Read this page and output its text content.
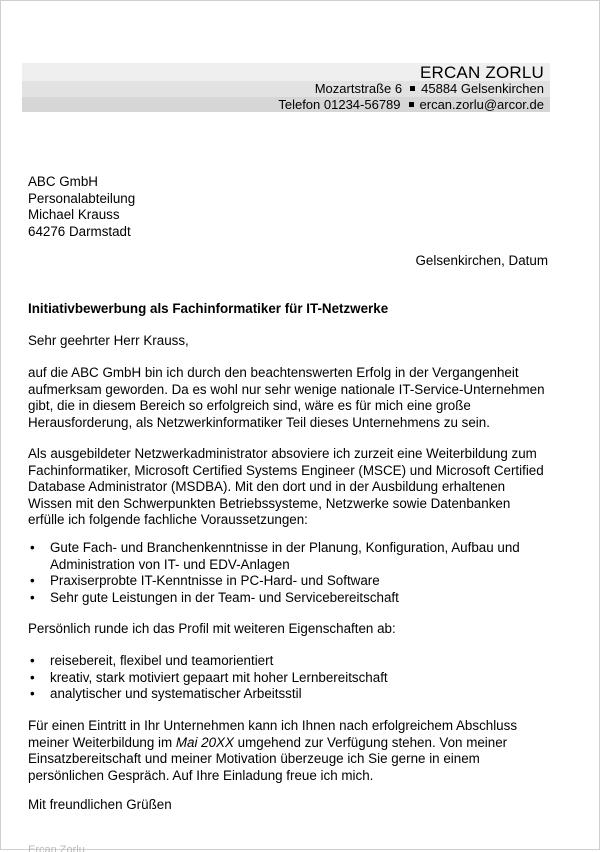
ERCAN ZORLU
Mozartstraße 6 45884 Gelsenkirchen
Telefon 01234-56789 ercan.zorlu@arcor.de
ABC GmbH
Personalabteilung
Michael Krauss
64276 Darmstadt
Gelsenkirchen, Datum
Initiativbewerbung als Fachinformatiker für IT-Netzwerke
Sehr geehrter Herr Krauss,
auf die ABC GmbH bin ich durch den beachtenswerten Erfolg in der Vergangenheit aufmerksam geworden. Da es wohl nur sehr wenige nationale IT-Service-Unternehmen gibt, die in diesem Bereich so erfolgreich sind, wäre es für mich eine große Herausforderung, als Netzwerkinformatiker Teil dieses Unternehmens zu sein.
Als ausgebildeter Netzwerkadministrator absoviere ich zurzeit eine Weiterbildung zum Fachinformatiker, Microsoft Certified Systems Engineer (MSCE) und Microsoft Certified Database Administrator (MSDBA). Mit den dort und in der Ausbildung erhaltenen Wissen mit den Schwerpunkten Betriebssysteme, Netzwerke sowie Datenbanken erfülle ich folgende fachliche Voraussetzungen:
• Gute Fach- und Branchenkenntnisse in der Planung, Konfiguration, Aufbau und Administration von IT- und EDV-Anlagen
• Praxiserprobte IT-Kenntnisse in PC-Hard- und Software
• Sehr gute Leistungen in der Team- und Servicebereitschaft
Persönlich runde ich das Profil mit weiteren Eigenschaften ab:
• reisebereit, flexibel und teamorientiert
• kreativ, stark motiviert gepaart mit hoher Lernbereitschaft
• analytischer und systematischer Arbeitsstil
Für einen Eintritt in Ihr Unternehmen kann ich Ihnen nach erfolgreichem Abschluss meiner Weiterbildung im Mai 20XX umgehend zur Verfügung stehen. Von meiner Einsatzbereitschaft und meiner Motivation überzeuge ich Sie gerne in einem persönlichen Gespräch. Auf Ihre Einladung freue ich mich.
Mit freundlichen Grüßen
Ercan Zorlu
